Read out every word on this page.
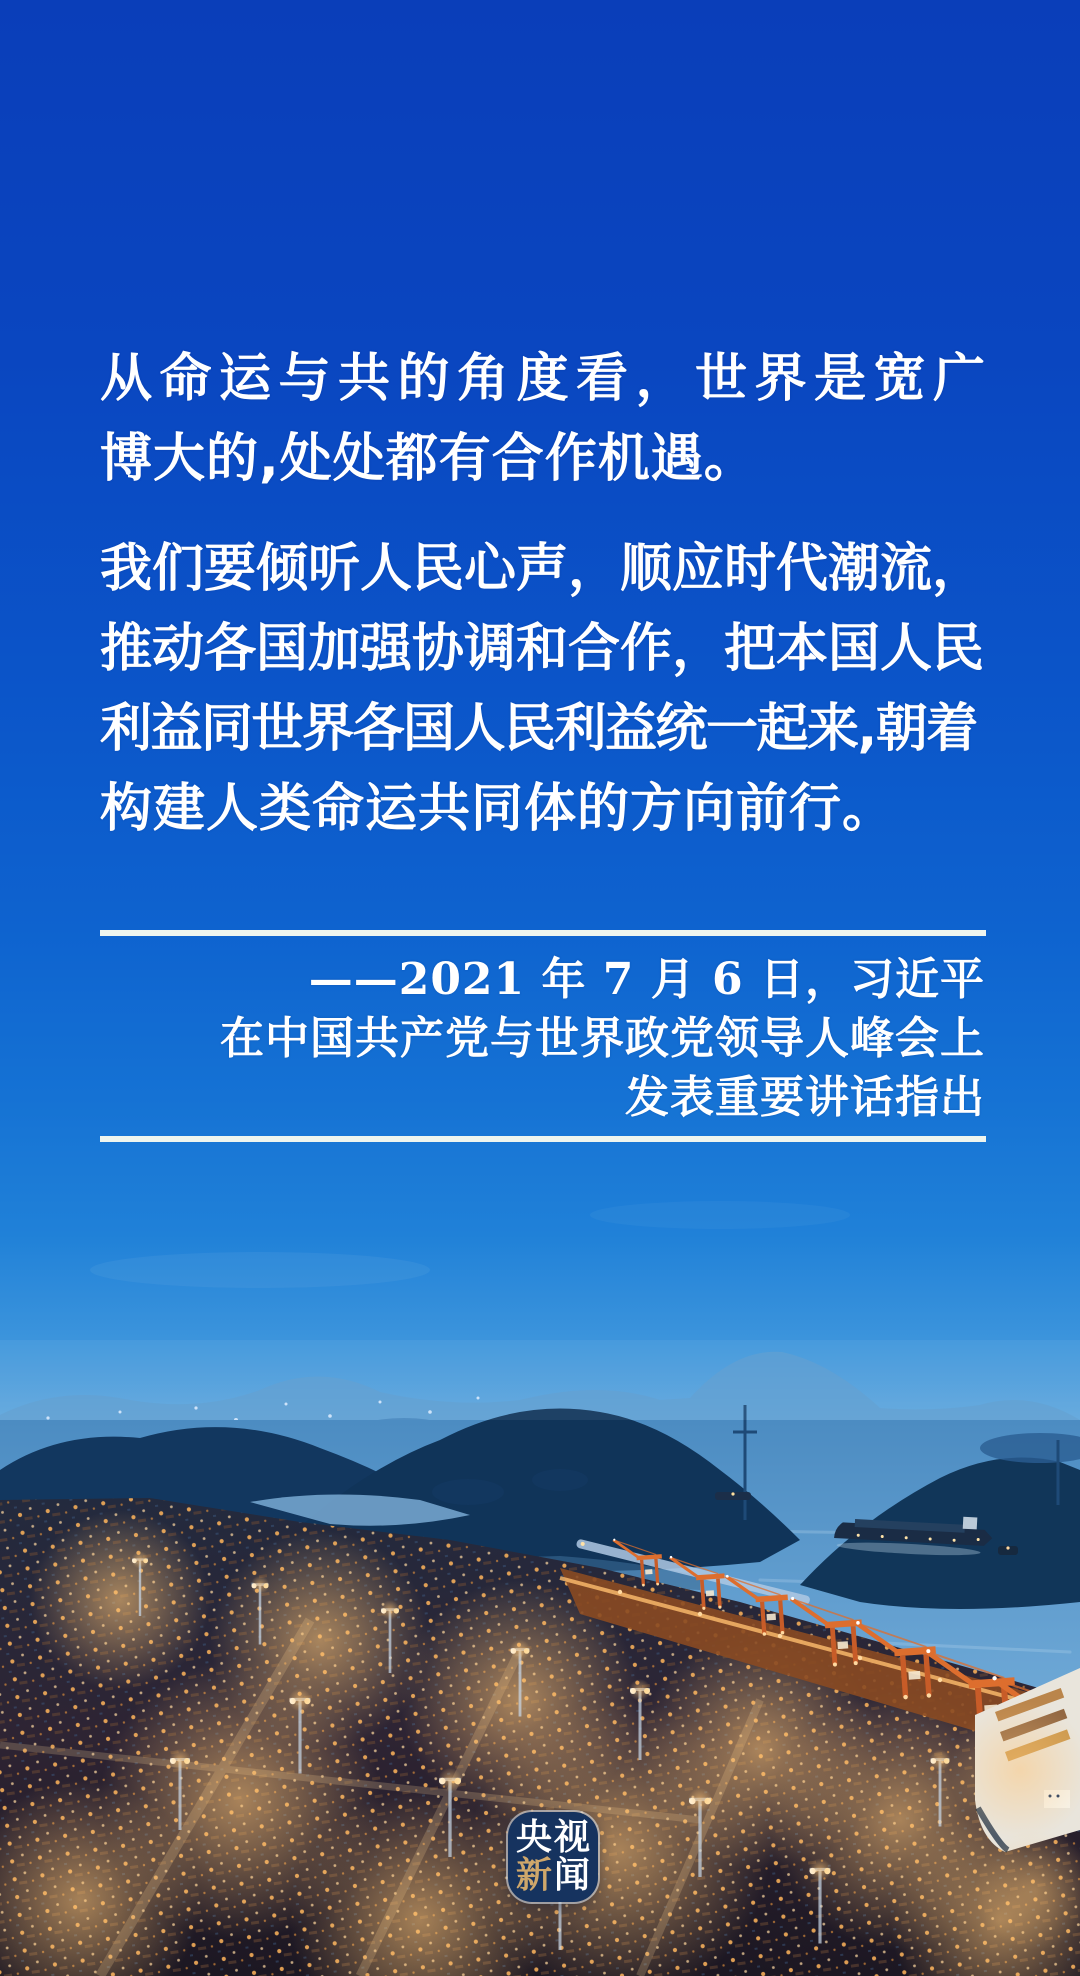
从命运与共的角度看，世界是宽广
博大的,处处都有合作机遇。
我们要倾听人民心声，顺应时代潮流，
推动各国加强协调和合作，把本国人民
利益同世界各国人民利益统一起来,朝着
构建人类命运共同体的方向前行。
——2021 年 7 月 6 日，习近平
在中国共产党与世界政党领导人峰会上
发表重要讲话指出
央 视
新 闻
